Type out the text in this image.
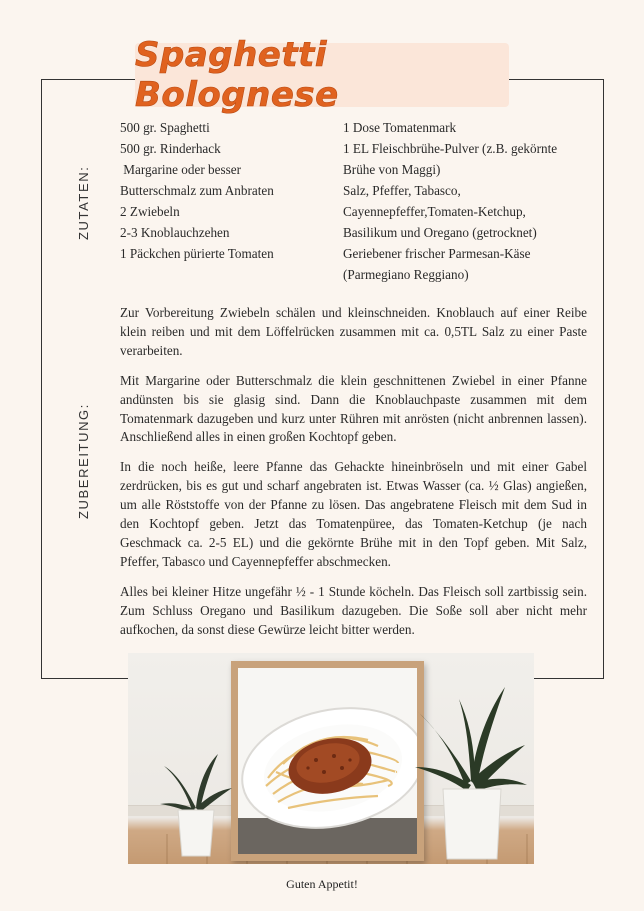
Spaghetti Bolognese
ZUTATEN:
ZUBEREITUNG:
500 gr. Spaghetti
500 gr. Rinderhack
Margarine oder besser
Butterschmalz zum Anbraten
2 Zwiebeln
2-3 Knoblauchzehen
1 Päckchen pürierte Tomaten
1 Dose Tomatenmark
1 EL Fleischbrühe-Pulver (z.B. gekörnte
Brühe von Maggi)
Salz, Pfeffer, Tabasco,
Cayennepfeffer,Tomaten-Ketchup,
Basilikum und Oregano (getrocknet)
Geriebener frischer Parmesan-Käse
(Parmegiano Reggiano)

Zur Vorbereitung Zwiebeln schälen und kleinschneiden. Knoblauch auf einer Reibe klein reiben und mit dem Löffelrücken zusammen mit ca. 0,5TL Salz zu einer Paste verarbeiten.

Mit Margarine oder Butterschmalz die klein geschnittenen Zwiebel in einer Pfanne andünsten bis sie glasig sind. Dann die Knoblauchpaste zusammen mit dem Tomatenmark dazugeben und kurz unter Rühren mit anrösten (nicht anbrennen lassen). Anschließend alles in einen großen Kochtopf geben.

In die noch heiße, leere Pfanne das Gehackte hineinbröseln und mit einer Gabel zerdrücken, bis es gut und scharf angebraten ist. Etwas Wasser (ca. ½ Glas) angießen, um alle Röststoffe von der Pfanne zu lösen. Das angebratene Fleisch mit dem Sud in den Kochtopf geben. Jetzt das Tomatenpüree, das Tomaten-Ketchup (je nach Geschmack ca. 2-5 EL) und die gekörnte Brühe mit in den Topf geben. Mit Salz, Pfeffer, Tabasco und Cayennepfeffer abschmecken.

Alles bei kleiner Hitze ungefähr ½ - 1 Stunde köcheln. Das Fleisch soll zartbissig sein. Zum Schluss Oregano und Basilikum dazugeben. Die Soße soll aber nicht mehr aufkochen, da sonst diese Gewürze leicht bitter werden.

Guten Appetit!
